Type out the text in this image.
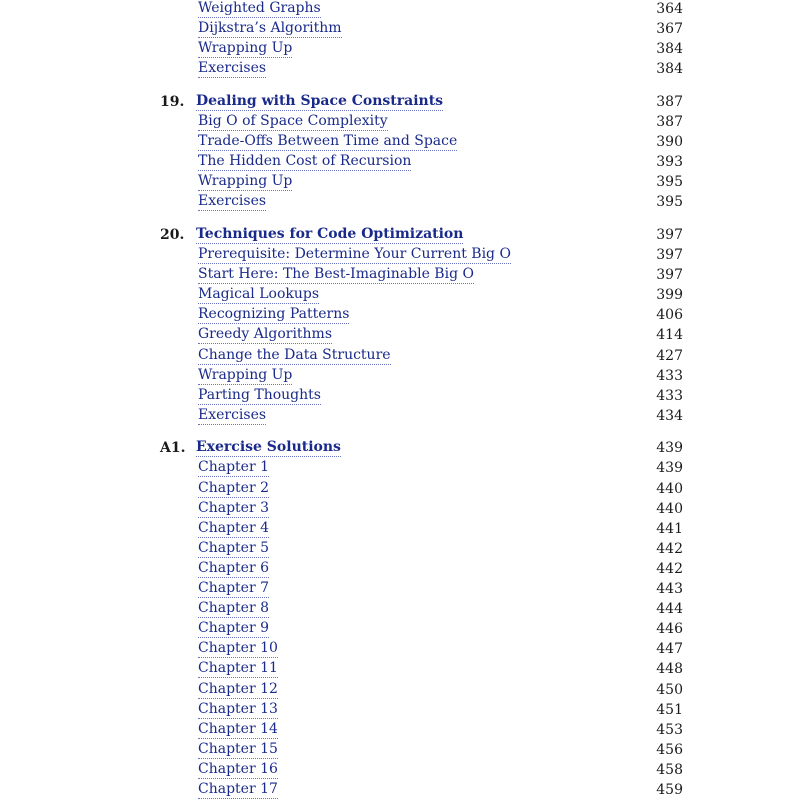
Weighted Graphs	364
Dijkstra’s Algorithm	367
Wrapping Up	384
Exercises	384
19. Dealing with Space Constraints	387
Big O of Space Complexity	387
Trade-Offs Between Time and Space	390
The Hidden Cost of Recursion	393
Wrapping Up	395
Exercises	395
20. Techniques for Code Optimization	397
Prerequisite: Determine Your Current Big O	397
Start Here: The Best-Imaginable Big O	397
Magical Lookups	399
Recognizing Patterns	406
Greedy Algorithms	414
Change the Data Structure	427
Wrapping Up	433
Parting Thoughts	433
Exercises	434
A1. Exercise Solutions	439
Chapter 1	439
Chapter 2	440
Chapter 3	440
Chapter 4	441
Chapter 5	442
Chapter 6	442
Chapter 7	443
Chapter 8	444
Chapter 9	446
Chapter 10	447
Chapter 11	448
Chapter 12	450
Chapter 13	451
Chapter 14	453
Chapter 15	456
Chapter 16	458
Chapter 17	459
